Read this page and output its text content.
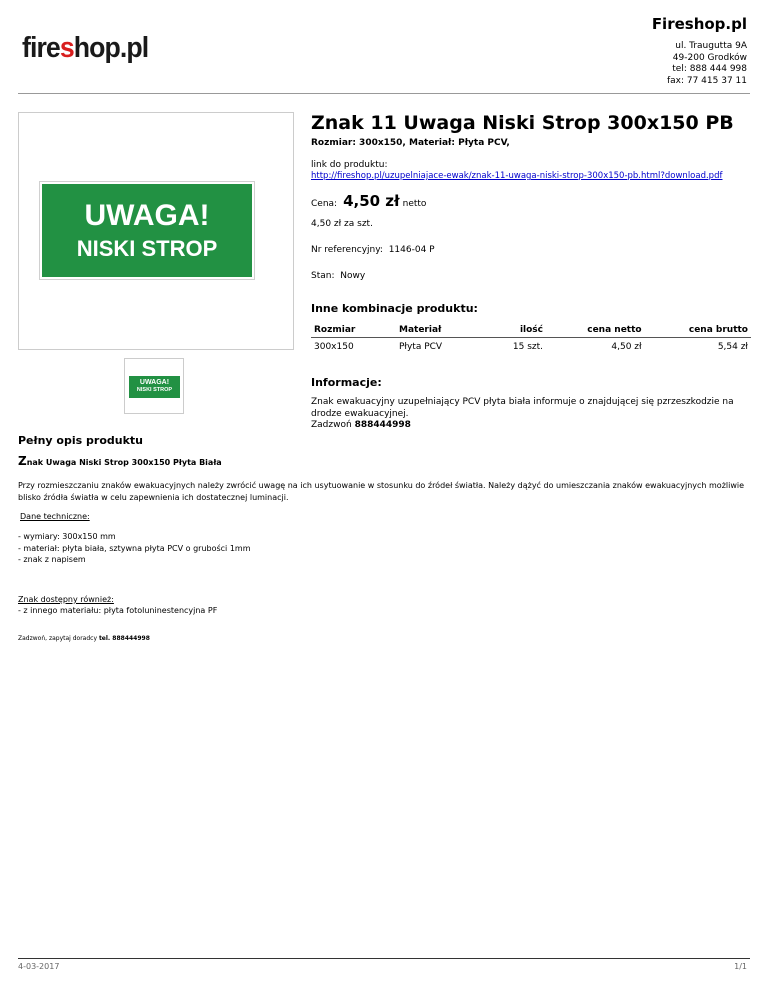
Fireshop.pl
fireshop.pl	ul. Traugutta 9A
49-200 Grodków
tel: 888 444 998
fax: 77 415 37 11
UWAGA!
NISKI STROP
UWAGA!
NISKI STROP
Znak 11 Uwaga Niski Strop 300x150 PB
Rozmiar: 300x150, Materiał: Płyta PCV,
link do produktu:
http://fireshop.pl/uzupelniajace-ewak/znak-11-uwaga-niski-strop-300x150-pb.html?download.pdf
Cena: 4,50 zł netto
4,50 zł za szt.
Nr referencyjny: 1146-04 P
Stan: Nowy
Inne kombinacje produktu:
Rozmiar	Materiał	ilość	cena netto	cena brutto
300x150	Płyta PCV	15 szt.	4,50 zł	5,54 zł
Informacje:
Znak ewakuacyjny uzupełniający PCV płyta biała informuje o znajdującej się pzrzeszkodzie na drodze ewakuacyjnej.
Zadzwoń 888444998
Pełny opis produktu
Znak Uwaga Niski Strop 300x150 Płyta Biała
Przy rozmieszczaniu znaków ewakuacyjnych należy zwrócić uwagę na ich usytuowanie w stosunku do źródeł światła. Należy dążyć do umieszczania znaków ewakuacyjnych możliwie blisko źródła światła w celu zapewnienia ich dostatecznej luminacji.
Dane techniczne:
- wymiary: 300x150 mm
- materiał: płyta biała, sztywna płyta PCV o grubości 1mm
- znak z napisem
Znak dostępny również:
- z innego materiału: płyta fotoluninestencyjna PF
Zadzwoń, zapytaj doradcy tel. 888444998
4-03-2017	1/1
